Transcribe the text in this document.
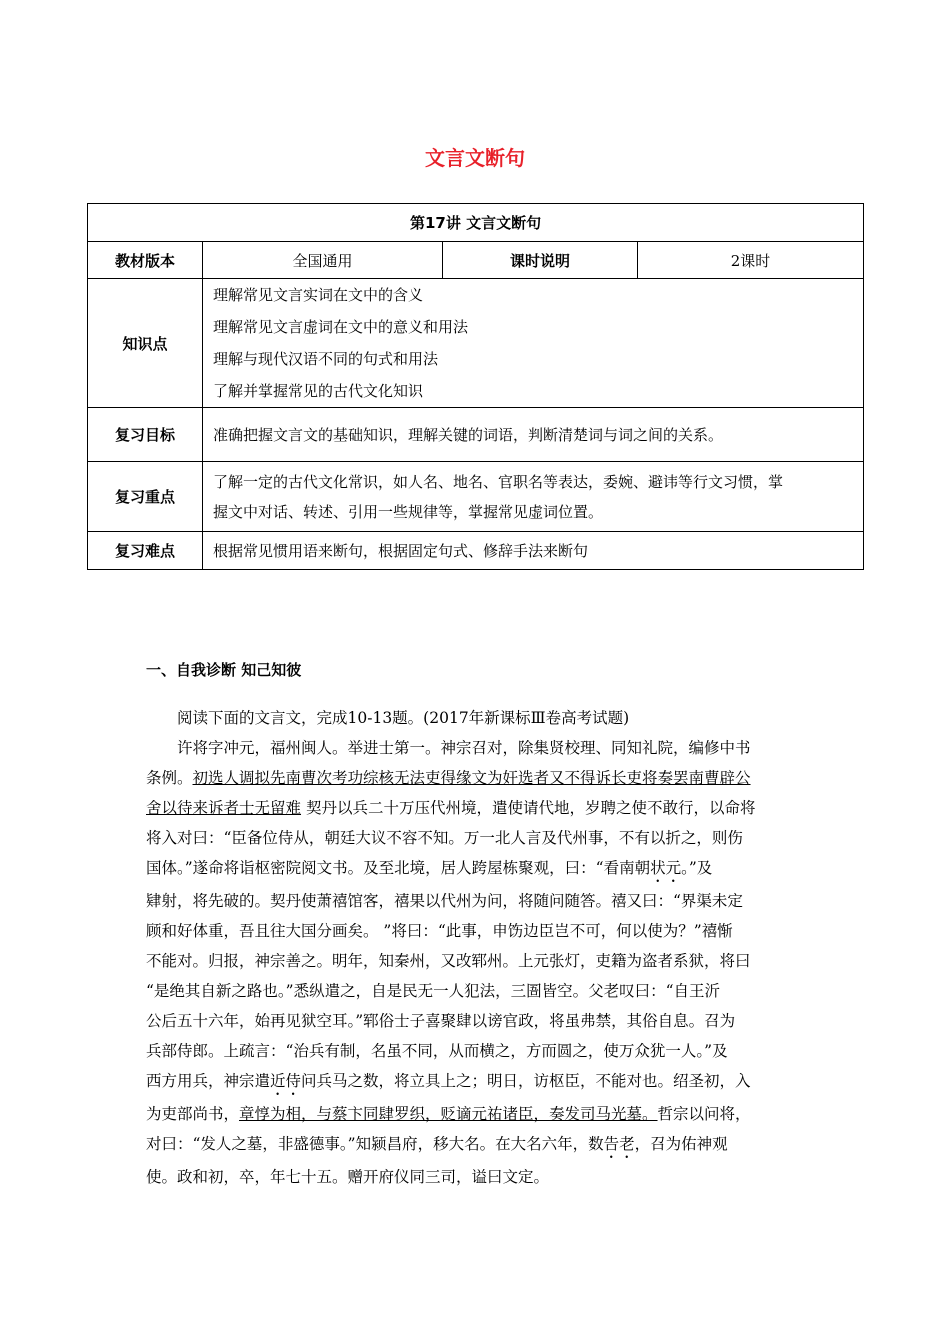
文言文断句
第17讲 文言文断句			
教材版本	全国通用	课时说明	2课时
知识点	理解常见文言实词在文中的含义
理解常见文言虚词在文中的意义和用法
理解与现代汉语不同的句式和用法
了解并掌握常见的古代文化知识		

复习目标	准确把握文言文的基础知识，理解关键的词语，判断清楚词与词之间的关系。		
复习重点	了解一定的古代文化常识，如人名、地名、官职名等表达，委婉、避讳等行文习惯，掌
握文中对话、转述、引用一些规律等，掌握常见虚词位置。		

复习难点	根据常见惯用语来断句，根据固定句式、修辞手法来断句		
一、自我诊断 知己知彼

阅读下面的文言文，完成10-13题。(2017年新课标Ⅲ卷高考试题)

许将字冲元，福州闽人。举进士第一。神宗召对，除集贤校理、同知礼院，编修中书
条例。初选人调拟先南曹次考功综核无法吏得缘文为奸选者又不得诉长吏将奏罢南曹辟公
舍以待来诉者士无留难 契丹以兵二十万压代州境，遣使请代地，岁聘之使不敢行，以命将
将入对曰：“臣备位侍从，朝廷大议不容不知。万一北人言及代州事，不有以折之，则伤
国体。”遂命将诣枢密院阅文书。及至北境，居人跨屋栋聚观，曰：“看南朝状元。”及
肄射，将先破的。契丹使萧禧馆客，禧果以代州为问，将随问随答。禧又曰：“界渠未定
顾和好体重，吾且往大国分画矣。 ”将曰：“此事，申饬边臣岂不可，何以使为？”禧惭
不能对。归报，神宗善之。明年，知秦州，又改郓州。上元张灯，吏籍为盗者系狱，将曰
“是绝其自新之路也。”悉纵遣之，自是民无一人犯法，三圄皆空。父老叹曰：“自王沂
公后五十六年，始再见狱空耳。”郓俗士子喜聚肆以谤官政，将虽弗禁，其俗自息。召为
兵部侍郎。上疏言：“治兵有制，名虽不同，从而横之，方而圆之，使万众犹一人。”及
西方用兵，神宗遣近侍问兵马之数，将立具上之；明日，访枢臣，不能对也。绍圣初，入
为吏部尚书，章惇为相，与蔡卞同肆罗织，贬谪元祐诸臣，奏发司马光墓。哲宗以问将，
对曰：“发人之墓，非盛德事。”知颍昌府，移大名。在大名六年，数告老，召为佑神观
使。政和初，卒，年七十五。赠开府仪同三司，谥曰文定。
